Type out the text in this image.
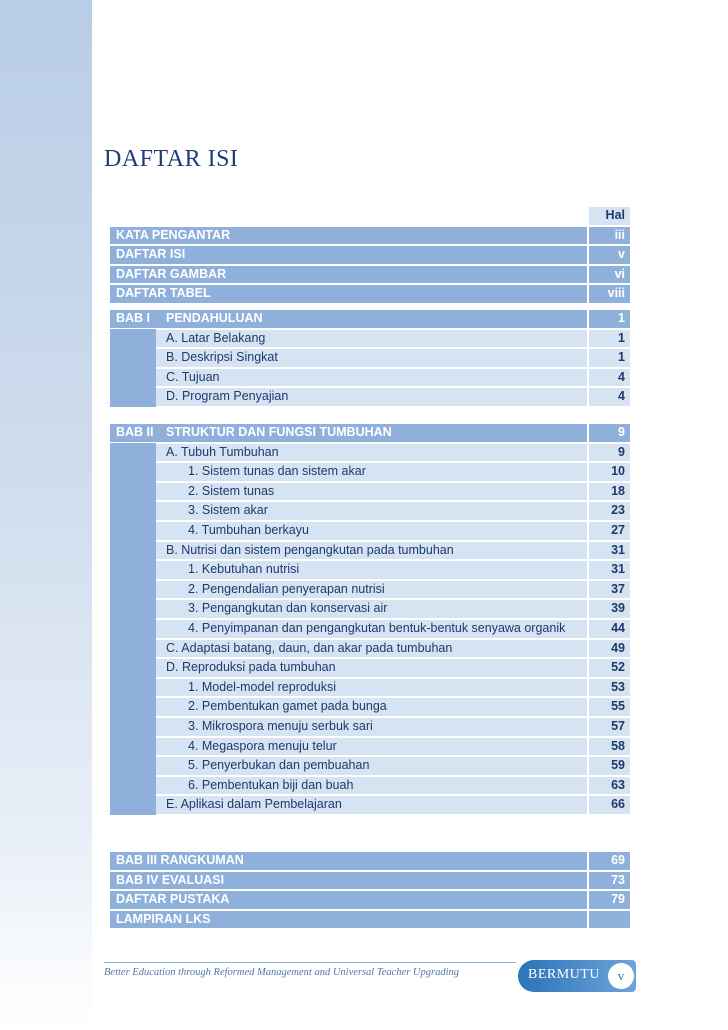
DAFTAR ISI
Hal
KATA PENGANTAR	iii
DAFTAR ISI	v
DAFTAR GAMBAR	vi
DAFTAR TABEL	viii
BAB I PENDAHULUAN	1
A. Latar Belakang	1
B. Deskripsi Singkat	1
C. Tujuan	4
D. Program Penyajian	4
BAB II STRUKTUR DAN FUNGSI TUMBUHAN	9
A. Tubuh Tumbuhan	9
1. Sistem tunas dan sistem akar	10
2. Sistem tunas	18
3. Sistem akar	23
4. Tumbuhan berkayu	27
B. Nutrisi dan sistem pengangkutan pada tumbuhan	31
1. Kebutuhan nutrisi	31
2. Pengendalian penyerapan nutrisi	37
3. Pengangkutan dan konservasi air	39
4. Penyimpanan dan pengangkutan bentuk-bentuk senyawa organik	44
C. Adaptasi batang, daun, dan akar pada tumbuhan	49
D. Reproduksi pada tumbuhan	52
1. Model-model reproduksi	53
2. Pembentukan gamet pada bunga	55
3. Mikrospora menuju serbuk sari	57
4. Megaspora menuju telur	58
5. Penyerbukan dan pembuahan	59
6. Pembentukan biji dan buah	63
E. Aplikasi dalam Pembelajaran	66
BAB III RANGKUMAN	69
BAB IV EVALUASI	73
DAFTAR PUSTAKA	79
LAMPIRAN LKS
Better Education through Reformed Management and Universal Teacher Upgrading	BERMUTU	v
